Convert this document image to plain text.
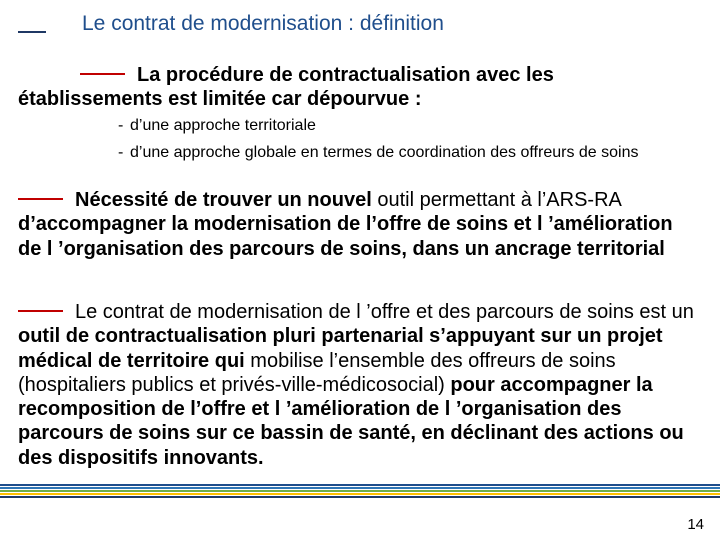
Le contrat de modernisation : définition
La procédure de contractualisation avec les établissements est limitée car dépourvue :
- d’une approche territoriale
- d’une approche globale en termes de coordination des offreurs de soins
Nécessité de trouver un nouvel outil permettant à l’ARS-RA d’accompagner la modernisation de l’offre de soins et l ’amélioration de l ’organisation des parcours de soins, dans un ancrage territorial
Le contrat de modernisation de l ’offre et des parcours de soins est un outil de contractualisation pluri partenarial s’appuyant sur un projet médical de territoire qui mobilise l’ensemble des offreurs de soins (hospitaliers publics et privés-ville-médicosocial) pour accompagner la recomposition de l’offre et l ’amélioration de l ’organisation des parcours de soins sur ce bassin de santé, en déclinant des actions ou des dispositifs innovants.
14
